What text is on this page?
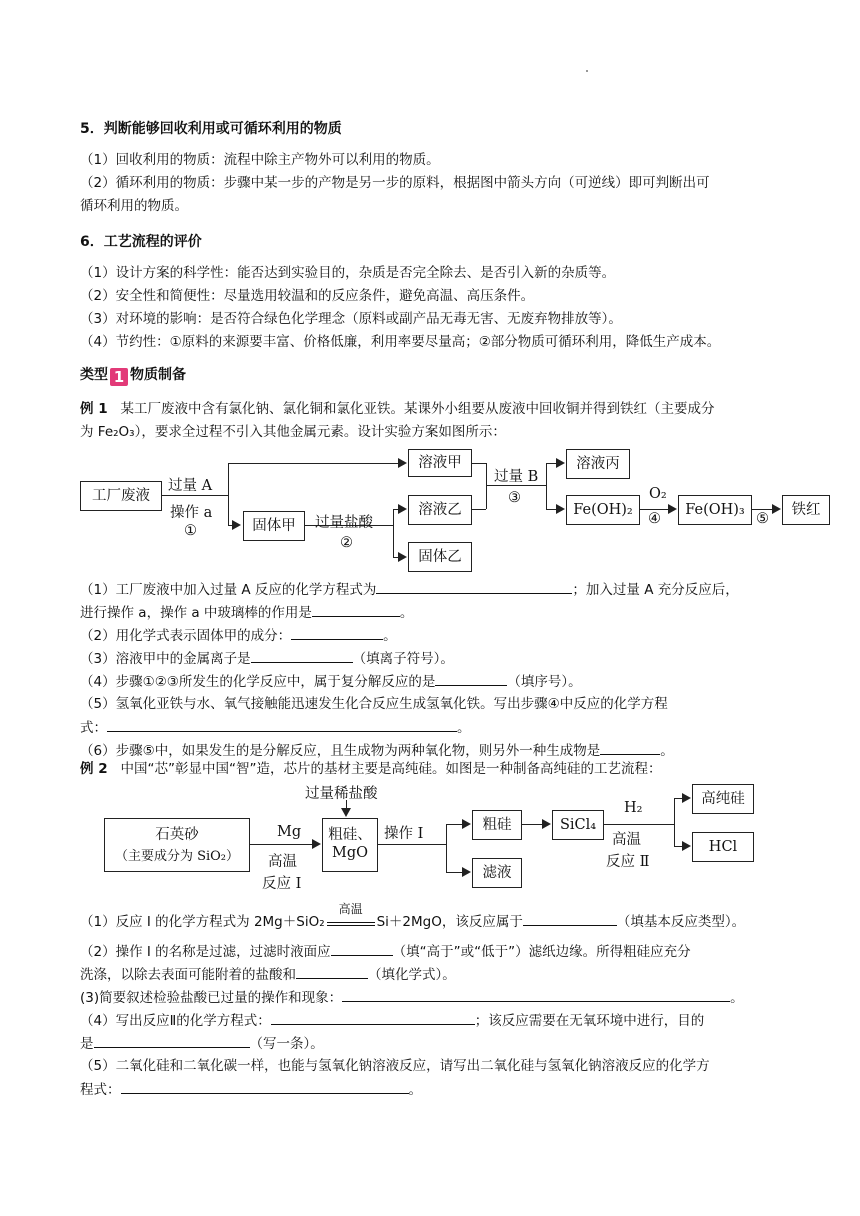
5．判断能够回收利用或可循环利用的物质
（1）回收利用的物质：流程中除主产物外可以利用的物质。
（2）循环利用的物质：步骤中某一步的产物是另一步的原料，根据图中箭头方向（可逆线）即可判断出可
循环利用的物质。
6．工艺流程的评价
（1）设计方案的科学性：能否达到实验目的，杂质是否完全除去、是否引入新的杂质等。
（2）安全性和简便性：尽量选用较温和的反应条件，避免高温、高压条件。
（3）对环境的影响：是否符合绿色化学理念（原料或副产品无毒无害、无废弃物排放等）。
（4）节约性：①原料的来源要丰富、价格低廉，利用率要尽量高；②部分物质可循环利用，降低生产成本。
类型 1 物质制备
例 1 某工厂废液中含有氯化钠、氯化铜和氯化亚铁。某课外小组要从废液中回收铜并得到铁红（主要成分
为 Fe₂O₃），要求全过程不引入其他金属元素。设计实验方案如图所示：
工厂废液
过量 A
操作 a
①
溶液甲
固体甲	过量盐酸
②
溶液乙
固体乙
过量 B
③
溶液丙
Fe(OH)₂
O₂
④
Fe(OH)₃
⑤
铁红
（1）工厂废液中加入过量 A 反应的化学方程式为	；加入过量 A 充分反应后，
进行操作 a，操作 a 中玻璃棒的作用是	。
（2）用化学式表示固体甲的成分：	。
（3）溶液甲中的金属离子是	（填离子符号）。
（4）步骤①②③所发生的化学反应中，属于复分解反应的是	（填序号）。
（5）氢氧化亚铁与水、氧气接触能迅速发生化合反应生成氢氧化铁。写出步骤④中反应的化学方程
式：	。
（6）步骤⑤中，如果发生的是分解反应，且生成物为两种氧化物，则另外一种生成物是	。
例 2 中国“芯”彰显中国“智”造，芯片的基材主要是高纯硅。如图是一种制备高纯硅的工艺流程：
过量稀盐酸
石英砂
（主要成分为 SiO₂）
Mg
高温
反应 Ⅰ
粗硅、
MgO
操作 Ⅰ
粗硅
滤液
SiCl₄
H₂
高温
反应 Ⅱ
高纯硅
HCl
（1）反应 Ⅰ 的化学方程式为 2Mg＋SiO₂
高温
Si＋2MgO，该反应属于	（填基本反应类型）。
（2）操作 Ⅰ 的名称是过滤，过滤时液面应	（填“高于”或“低于”）滤纸边缘。所得粗硅应充分
洗涤，以除去表面可能附着的盐酸和	（填化学式）。
(3)简要叙述检验盐酸已过量的操作和现象：	。
（4）写出反应Ⅱ的化学方程式：	；该反应需要在无氧环境中进行，目的
是	（写一条）。
（5）二氧化硅和二氧化碳一样，也能与氢氧化钠溶液反应，请写出二氧化硅与氢氧化钠溶液反应的化学方
程式：	。
